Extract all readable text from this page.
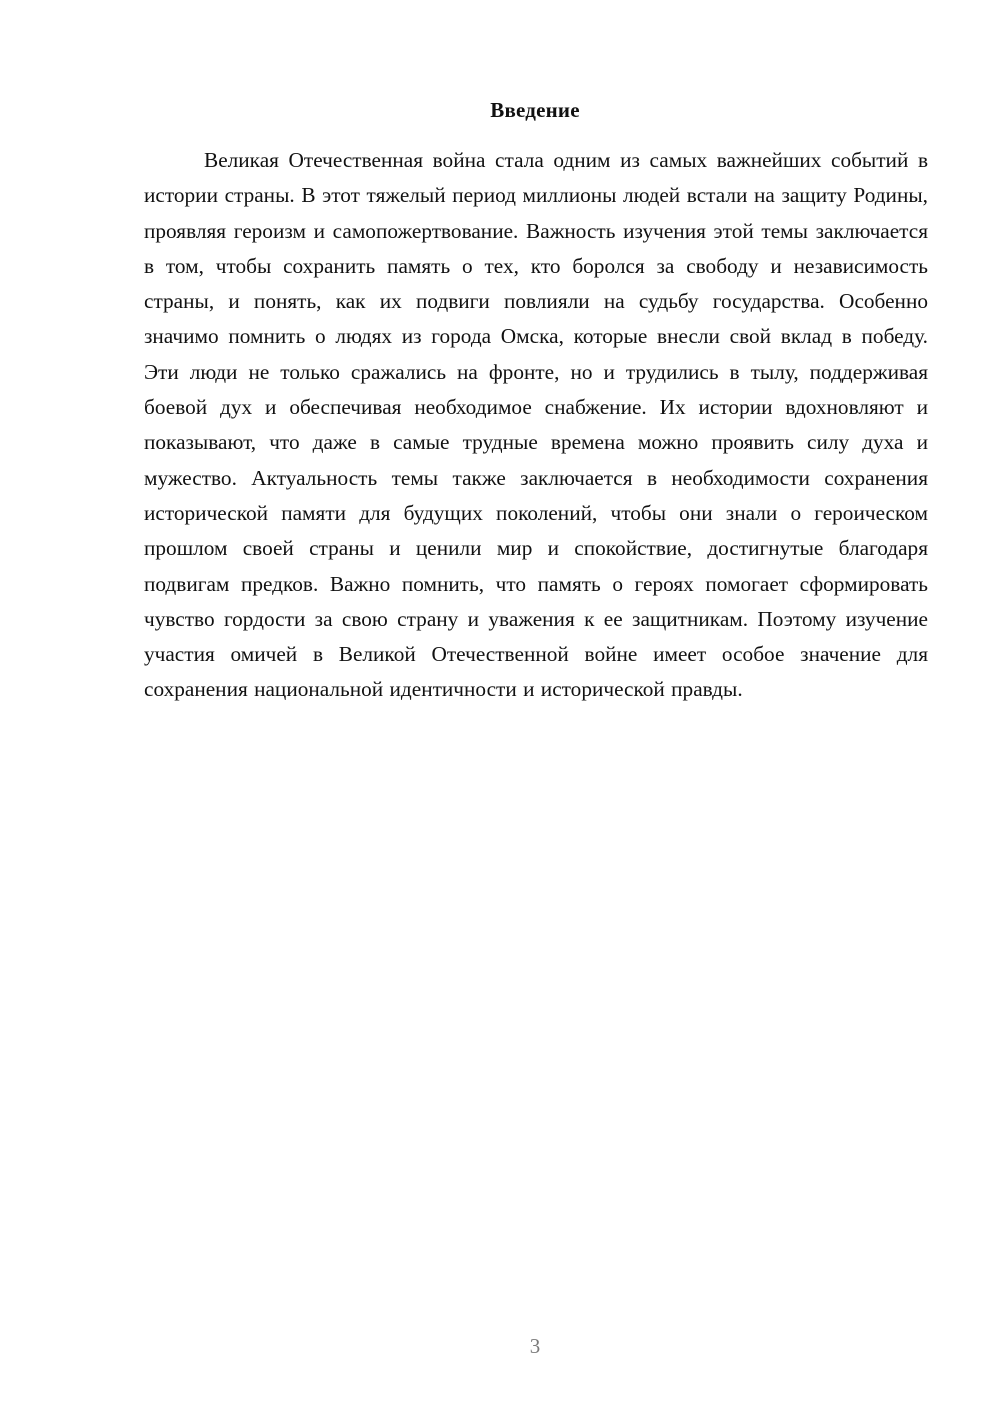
Введение

Великая Отечественная война стала одним из самых важнейших событий в истории страны. В этот тяжелый период миллионы людей встали на защиту Родины, проявляя героизм и самопожертвование. Важность изучения этой темы заключается в том, чтобы сохранить память о тех, кто боролся за свободу и независимость страны, и понять, как их подвиги повлияли на судьбу государства. Особенно значимо помнить о людях из города Омска, которые внесли свой вклад в победу. Эти люди не только сражались на фронте, но и трудились в тылу, поддерживая боевой дух и обеспечивая необходимое снабжение. Их истории вдохновляют и показывают, что даже в самые трудные времена можно проявить силу духа и мужество. Актуальность темы также заключается в необходимости сохранения исторической памяти для будущих поколений, чтобы они знали о героическом прошлом своей страны и ценили мир и спокойствие, достигнутые благодаря подвигам предков. Важно помнить, что память о героях помогает сформировать чувство гордости за свою страну и уважения к ее защитникам. Поэтому изучение участия омичей в Великой Отечественной войне имеет особое значение для сохранения национальной идентичности и исторической правды.

3
